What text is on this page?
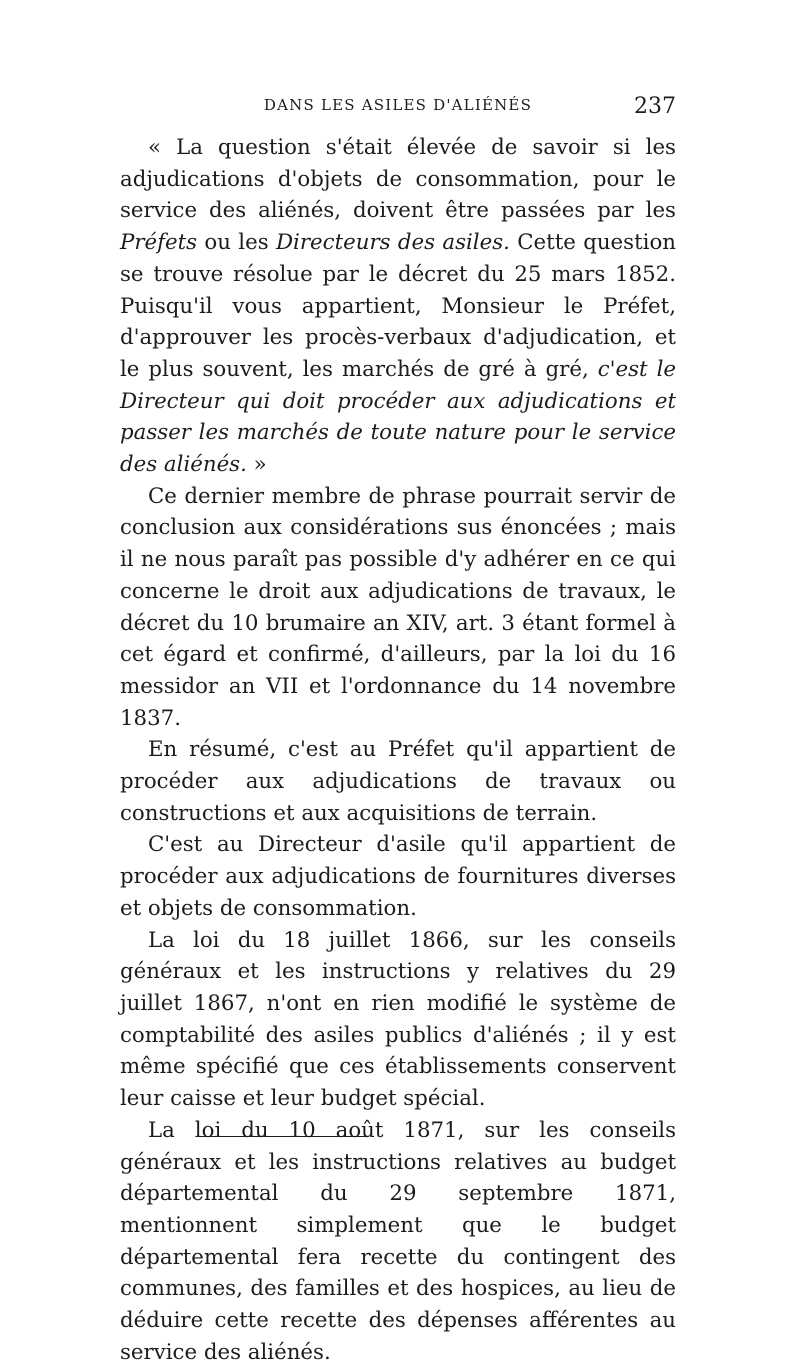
DANS LES ASILES D'ALIÉNÉS	237

« La question s'était élevée de savoir si les adjudications d'objets de consommation, pour le service des aliénés, doivent être passées par les Préfets ou les Directeurs des asiles. Cette question se trouve résolue par le décret du 25 mars 1852. Puisqu'il vous appartient, Monsieur le Préfet, d'approuver les procès-verbaux d'adjudication, et le plus souvent, les marchés de gré à gré, c'est le Directeur qui doit procéder aux adjudications et passer les marchés de toute nature pour le service des aliénés. »

Ce dernier membre de phrase pourrait servir de conclusion aux considérations sus énoncées ; mais il ne nous paraît pas possible d'y adhérer en ce qui concerne le droit aux adjudications de travaux, le décret du 10 brumaire an XIV, art. 3 étant formel à cet égard et confirmé, d'ailleurs, par la loi du 16 messidor an VII et l'ordonnance du 14 novembre 1837.

En résumé, c'est au Préfet qu'il appartient de procéder aux adjudications de travaux ou constructions et aux acquisitions de terrain.

C'est au Directeur d'asile qu'il appartient de procéder aux adjudications de fournitures diverses et objets de consommation.

La loi du 18 juillet 1866, sur les conseils généraux et les instructions y relatives du 29 juillet 1867, n'ont en rien modifié le système de comptabilité des asiles publics d'aliénés ; il y est même spécifié que ces établissements conservent leur caisse et leur budget spécial.

La loi du 10 août 1871, sur les conseils généraux et les instructions relatives au budget départemental du 29 septembre 1871, mentionnent simplement que le budget départemental fera recette du contingent des communes, des familles et des hospices, au lieu de déduire cette recette des dépenses afférentes au service des aliénés.
